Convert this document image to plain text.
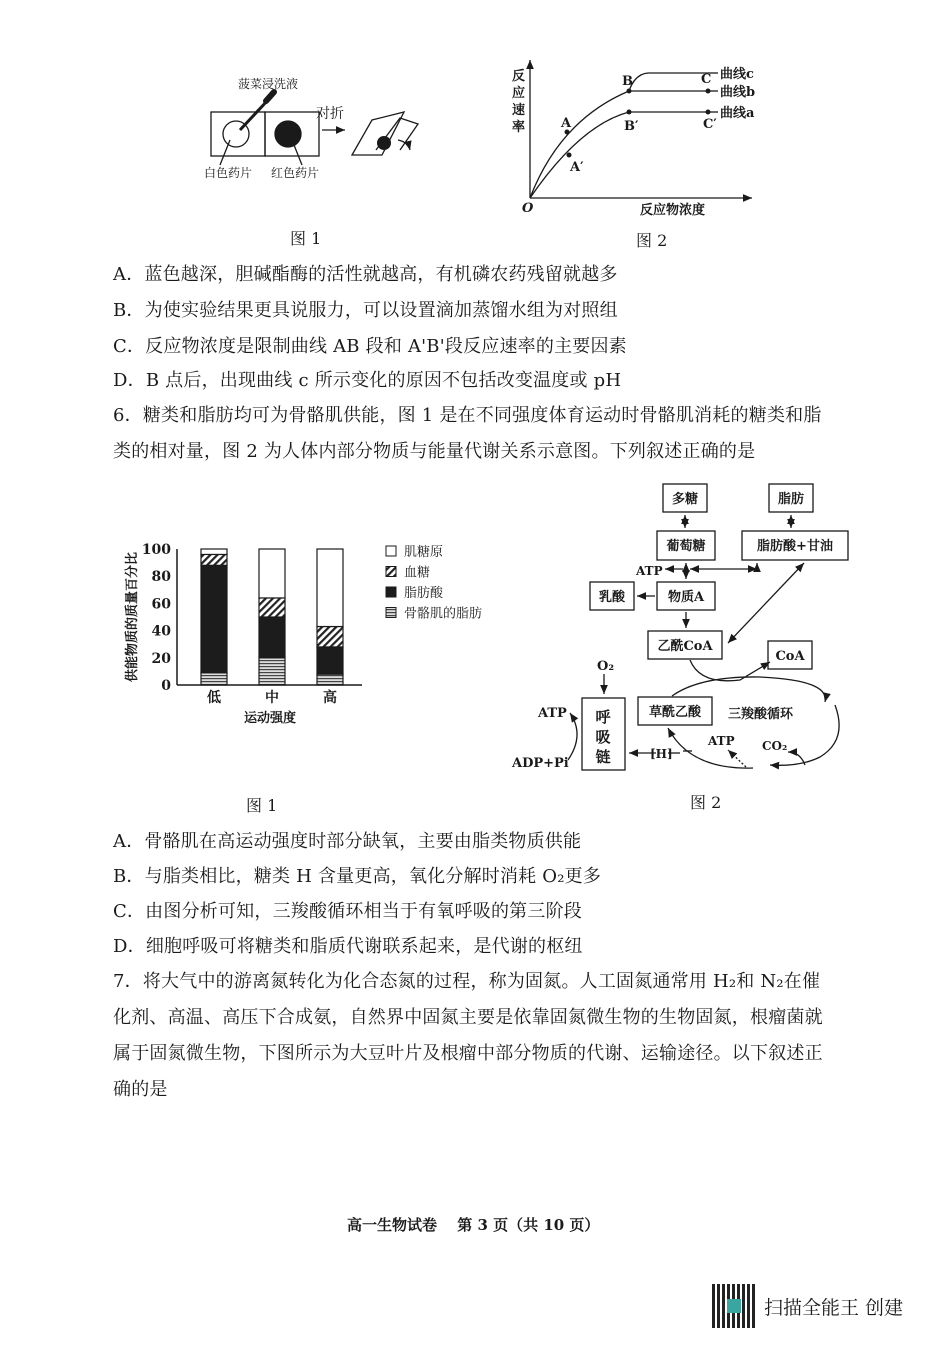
菠菜浸洗液
对折
白色药片 红色药片
图 1
反
应
速
率
反应物浓度
O
A
B	C
A′
B′	C′
曲线c
曲线b
曲线a
图 2
0
20
40
60
80
100
低	中	高
供能物质的质量百分比
运动强度
肌糖原
血糖
脂肪酸
骨骼肌的脂肪
图 1
多糖	脂肪
葡萄糖	脂肪酸+甘油
乳酸	物质A
乙酰CoA
CoA
草酰乙酸
呼
吸
链
三羧酸循环
ATP
ATP
ADP+Pi
O₂
[H]
ATP CO₂
图 2
A．蓝色越深，胆碱酯酶的活性就越高，有机磷农药残留就越多
B．为使实验结果更具说服力，可以设置滴加蒸馏水组为对照组
C．反应物浓度是限制曲线 AB 段和 A'B'段反应速率的主要因素
D．B 点后，出现曲线 c 所示变化的原因不包括改变温度或 pH
6．糖类和脂肪均可为骨骼肌供能，图 1 是在不同强度体育运动时骨骼肌消耗的糖类和脂
类的相对量，图 2 为人体内部分物质与能量代谢关系示意图。下列叙述正确的是
A．骨骼肌在高运动强度时部分缺氧，主要由脂类物质供能
B．与脂类相比，糖类 H 含量更高，氧化分解时消耗 O₂更多
C．由图分析可知，三羧酸循环相当于有氧呼吸的第三阶段
D．细胞呼吸可将糖类和脂质代谢联系起来，是代谢的枢纽
7．将大气中的游离氮转化为化合态氮的过程，称为固氮。人工固氮通常用 H₂和 N₂在催
化剂、高温、高压下合成氨，自然界中固氮主要是依靠固氮微生物的生物固氮，根瘤菌就
属于固氮微生物，下图所示为大豆叶片及根瘤中部分物质的代谢、运输途径。以下叙述正
确的是
高一生物试卷　 第 3 页（共 10 页）
扫描全能王 创建
